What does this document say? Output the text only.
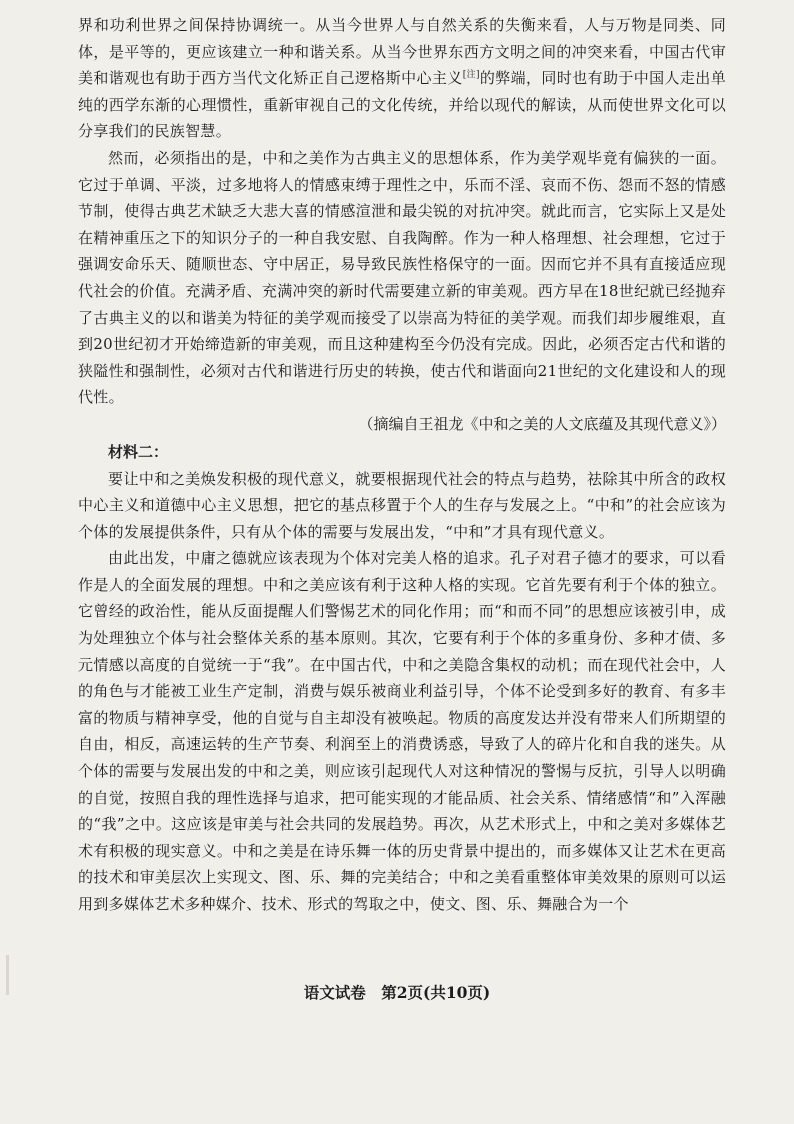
界和功利世界之间保持协调统一。从当今世界人与自然关系的失衡来看，人与万物是同类、同体，是平等的，更应该建立一种和谐关系。从当今世界东西方文明之间的冲突来看，中国古代审美和谐观也有助于西方当代文化矫正自己逻格斯中心主义[注]的弊端，同时也有助于中国人走出单纯的西学东渐的心理惯性，重新审视自己的文化传统，并给以现代的解读，从而使世界文化可以分享我们的民族智慧。

然而，必须指出的是，中和之美作为古典主义的思想体系，作为美学观毕竟有偏狭的一面。它过于单调、平淡，过多地将人的情感束缚于理性之中，乐而不淫、哀而不伤、怨而不怒的情感节制，使得古典艺术缺乏大悲大喜的情感渲泄和最尖锐的对抗冲突。就此而言，它实际上又是处在精神重压之下的知识分子的一种自我安慰、自我陶醉。作为一种人格理想、社会理想，它过于强调安命乐天、随顺世态、守中居正，易导致民族性格保守的一面。因而它并不具有直接适应现代社会的价值。充满矛盾、充满冲突的新时代需要建立新的审美观。西方早在18世纪就已经抛弃了古典主义的以和谐美为特征的美学观而接受了以崇高为特征的美学观。而我们却步履维艰，直到20世纪初才开始缔造新的审美观，而且这种建构至今仍没有完成。因此，必须否定古代和谐的狭隘性和强制性，必须对古代和谐进行历史的转换，使古代和谐面向21世纪的文化建设和人的现代性。

（摘编自王祖龙《中和之美的人文底蕴及其现代意义》）

材料二：

要让中和之美焕发积极的现代意义，就要根据现代社会的特点与趋势，祛除其中所含的政权中心主义和道德中心主义思想，把它的基点移置于个人的生存与发展之上。“中和”的社会应该为个体的发展提供条件，只有从个体的需要与发展出发，“中和”才具有现代意义。

由此出发，中庸之德就应该表现为个体对完美人格的追求。孔子对君子德才的要求，可以看作是人的全面发展的理想。中和之美应该有利于这种人格的实现。它首先要有利于个体的独立。它曾经的政治性，能从反面提醒人们警惕艺术的同化作用；而“和而不同”的思想应该被引申，成为处理独立个体与社会整体关系的基本原则。其次，它要有利于个体的多重身份、多种才债、多元情感以高度的自觉统一于“我”。在中国古代，中和之美隐含集权的动机；而在现代社会中，人的角色与才能被工业生产定制，消费与娱乐被商业利益引导，个体不论受到多好的教育、有多丰富的物质与精神享受，他的自觉与自主却没有被唤起。物质的高度发达并没有带来人们所期望的自由，相反，高速运转的生产节奏、利润至上的消费诱惑，导致了人的碎片化和自我的迷失。从个体的需要与发展出发的中和之美，则应该引起现代人对这种情况的警惕与反抗，引导人以明确的自觉，按照自我的理性选择与追求，把可能实现的才能品质、社会关系、情绪感情“和”入浑融的“我”之中。这应该是审美与社会共同的发展趋势。再次，从艺术形式上，中和之美对多媒体艺术有积极的现实意义。中和之美是在诗乐舞一体的历史背景中提出的，而多媒体又让艺术在更高的技术和审美层次上实现文、图、乐、舞的完美结合；中和之美看重整体审美效果的原则可以运用到多媒体艺术多种媒介、技术、形式的驾取之中，使文、图、乐、舞融合为一个

语文试卷　第2页(共10页)
